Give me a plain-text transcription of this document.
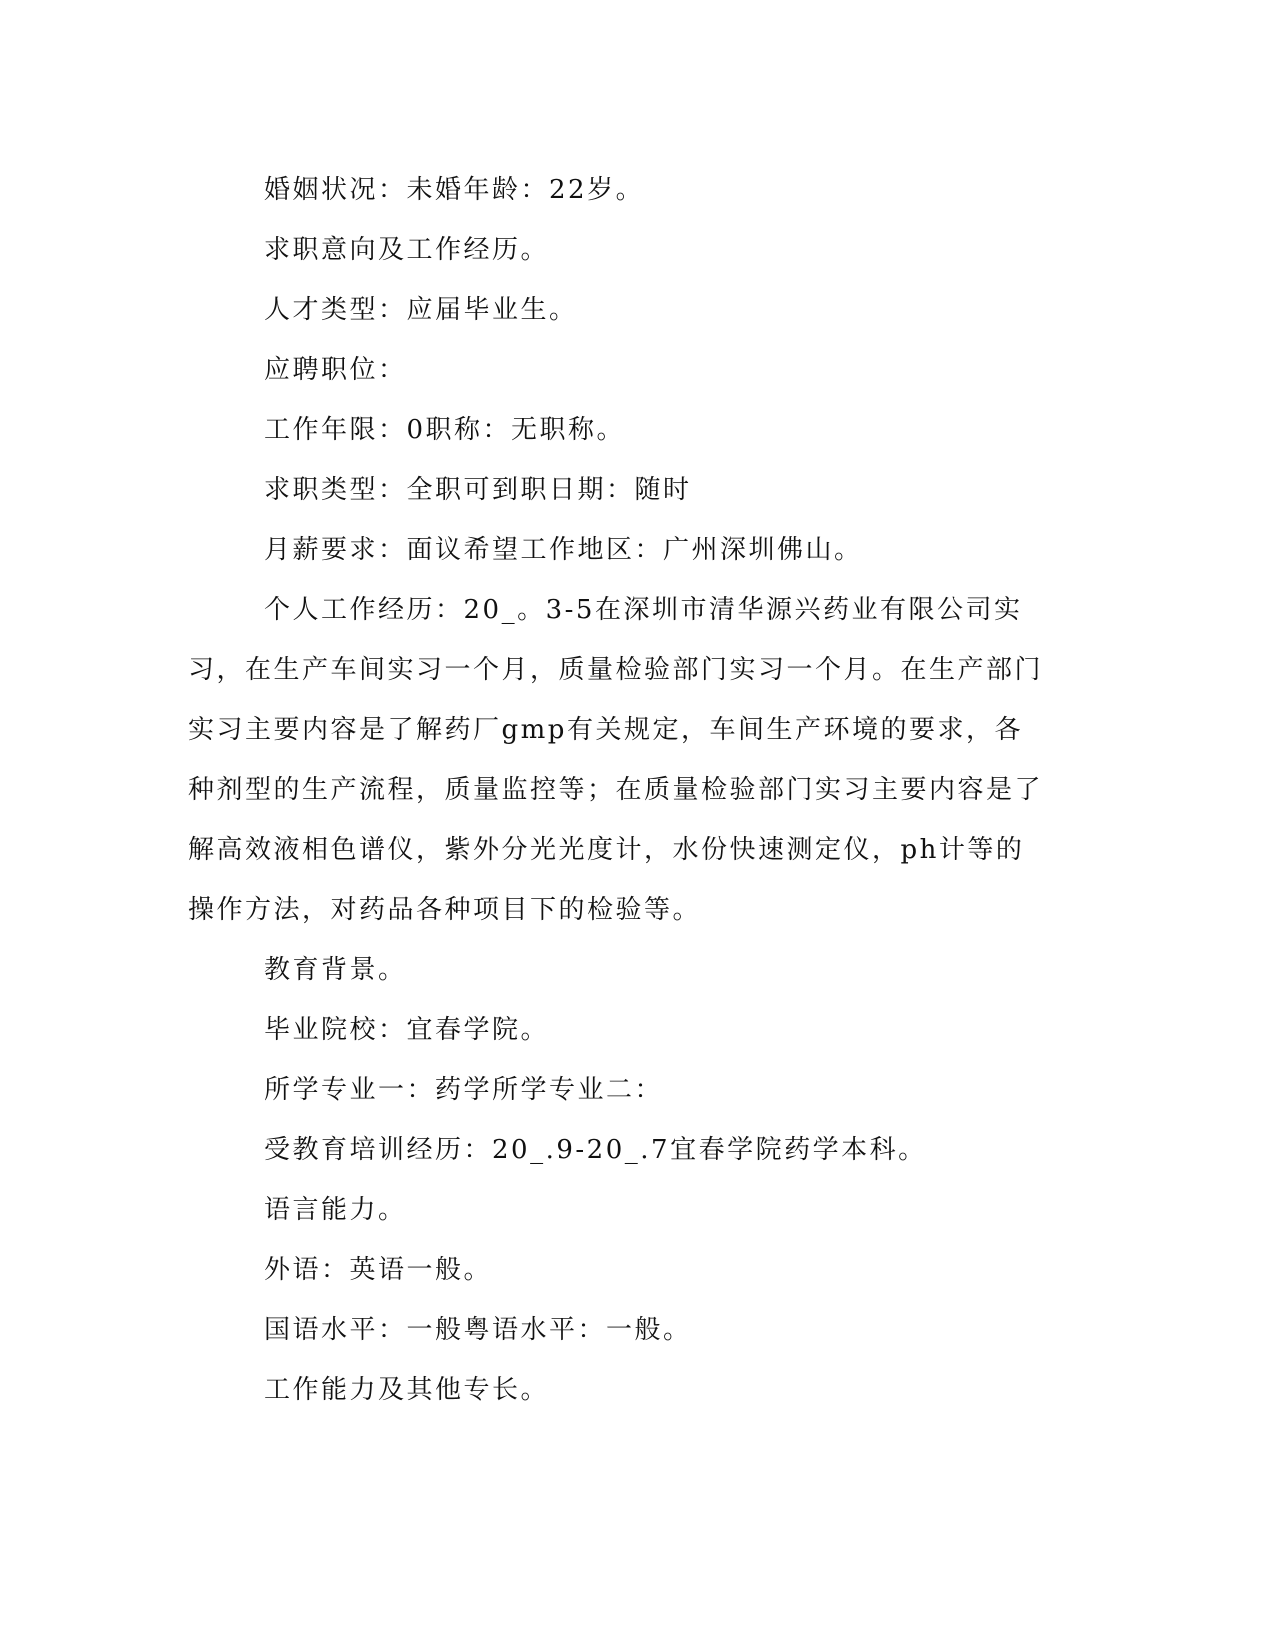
婚姻状况：未婚年龄：22岁。

求职意向及工作经历。

人才类型：应届毕业生。

应聘职位：

工作年限：0职称：无职称。

求职类型：全职可到职日期：随时

月薪要求：面议希望工作地区：广州深圳佛山。

个人工作经历：20_。3-5在深圳市清华源兴药业有限公司实习，在生产车间实习一个月，质量检验部门实习一个月。在生产部门实习主要内容是了解药厂gmp有关规定，车间生产环境的要求，各种剂型的生产流程，质量监控等；在质量检验部门实习主要内容是了解高效液相色谱仪，紫外分光光度计，水份快速测定仪，ph计等的操作方法，对药品各种项目下的检验等。

教育背景。

毕业院校：宜春学院。

所学专业一：药学所学专业二：

受教育培训经历：20_.9-20_.7宜春学院药学本科。

语言能力。

外语：英语一般。

国语水平：一般粤语水平：一般。

工作能力及其他专长。
